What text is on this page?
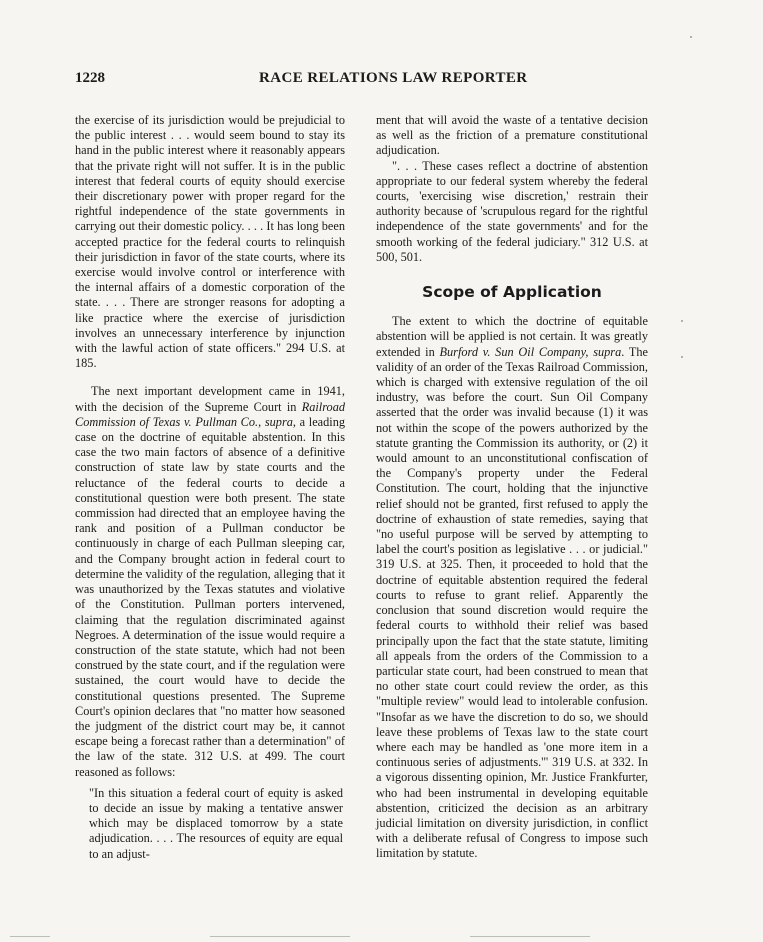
1228	RACE RELATIONS LAW REPORTER

the exercise of its jurisdiction would be prejudicial to the public interest . . . would seem bound to stay its hand in the public interest where it reasonably appears that the private right will not suffer. It is in the public interest that federal courts of equity should exercise their discretionary power with proper regard for the rightful independence of the state governments in carrying out their domestic policy. . . . It has long been accepted practice for the federal courts to relinquish their jurisdiction in favor of the state courts, where its exercise would involve control or interference with the internal affairs of a domestic corporation of the state. . . . There are stronger reasons for adopting a like practice where the exercise of jurisdiction involves an unnecessary interference by injunction with the lawful action of state officers." 294 U.S. at 185.

The next important development came in 1941, with the decision of the Supreme Court in Railroad Commission of Texas v. Pullman Co., supra, a leading case on the doctrine of equitable abstention. In this case the two main factors of absence of a definitive construction of state law by state courts and the reluctance of the federal courts to decide a constitutional question were both present. The state commission had directed that an employee having the rank and position of a Pullman conductor be continuously in charge of each Pullman sleeping car, and the Company brought action in federal court to determine the validity of the regulation, alleging that it was unauthorized by the Texas statutes and violative of the Constitution. Pullman porters intervened, claiming that the regulation discriminated against Negroes. A determination of the issue would require a construction of the state statute, which had not been construed by the state court, and if the regulation were sustained, the court would have to decide the constitutional questions presented. The Supreme Court's opinion declares that "no matter how seasoned the judgment of the district court may be, it cannot escape being a forecast rather than a determination" of the law of the state. 312 U.S. at 499. The court reasoned as follows:

"In this situation a federal court of equity is asked to decide an issue by making a tentative answer which may be displaced tomorrow by a state adjudication. . . . The resources of equity are equal to an adjust-

ment that will avoid the waste of a tentative decision as well as the friction of a premature constitutional adjudication.

". . . These cases reflect a doctrine of abstention appropriate to our federal system whereby the federal courts, 'exercising wise discretion,' restrain their authority because of 'scrupulous regard for the rightful independence of the state governments' and for the smooth working of the federal judiciary." 312 U.S. at 500, 501.

Scope of Application

The extent to which the doctrine of equitable abstention will be applied is not certain. It was greatly extended in Burford v. Sun Oil Company, supra. The validity of an order of the Texas Railroad Commission, which is charged with extensive regulation of the oil industry, was before the court. Sun Oil Company asserted that the order was invalid because (1) it was not within the scope of the powers authorized by the statute granting the Commission its authority, or (2) it would amount to an unconstitutional confiscation of the Company's property under the Federal Constitution. The court, holding that the injunctive relief should not be granted, first refused to apply the doctrine of exhaustion of state remedies, saying that "no useful purpose will be served by attempting to label the court's position as legislative . . . or judicial." 319 U.S. at 325. Then, it proceeded to hold that the doctrine of equitable abstention required the federal courts to refuse to grant relief. Apparently the conclusion that sound discretion would require the federal courts to withhold their relief was based principally upon the fact that the state statute, limiting all appeals from the orders of the Commission to a particular state court, had been construed to mean that no other state court could review the order, as this "multiple review" would lead to intolerable confusion. "Insofar as we have the discretion to do so, we should leave these problems of Texas law to the state court where each may be handled as 'one more item in a continuous series of adjustments.'" 319 U.S. at 332. In a vigorous dissenting opinion, Mr. Justice Frankfurter, who had been instrumental in developing equitable abstention, criticized the decision as an arbitrary judicial limitation on diversity jurisdiction, in conflict with a deliberate refusal of Congress to impose such limitation by statute.
